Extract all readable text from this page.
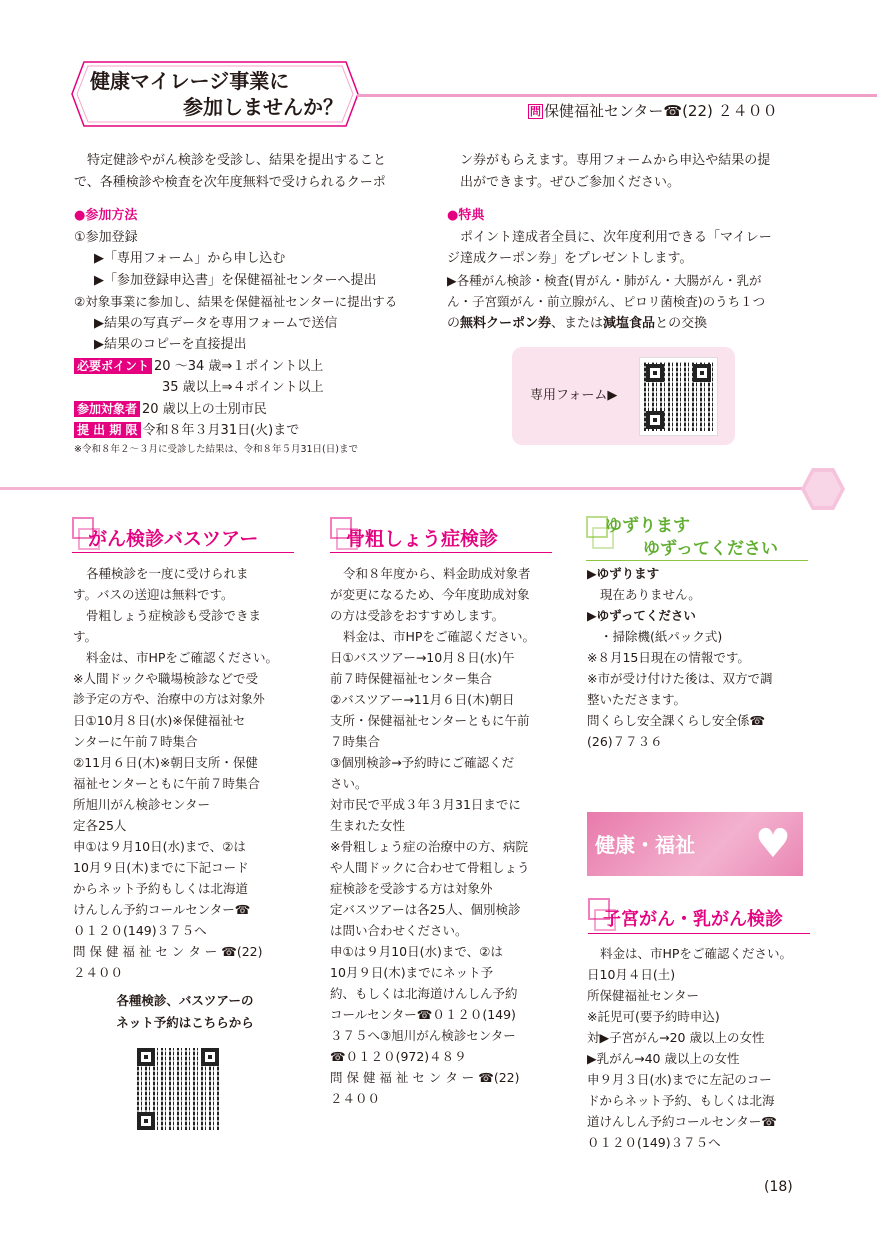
健康マイレージ事業に
参加しませんか？	問 保健福祉センター☎(22) ２４００
特定健診やがん検診を受診し、結果を提出すること
で、各種検診や検査を次年度無料で受けられるクーポ
ン券がもらえます。専用フォームから申込や結果の提
出ができます。ぜひご参加ください。
●参加方法
①参加登録
▶「専用フォーム」から申し込む
▶「参加登録申込書」を保健福祉センターへ提出
②対象事業に参加し、結果を保健福祉センターに提出する
▶結果の写真データを専用フォームで送信
▶結果のコピーを直接提出
必要ポイント 20 〜34 歳⇒１ポイント以上
35 歳以上⇒４ポイント以上
参加対象者 20 歳以上の士別市民
提 出 期 限 令和８年３月31日(火)まで
※令和８年２〜３月に受診した結果は、令和８年５月31日(日)まで
●特典
ポイント達成者全員に、次年度利用できる「マイレー
ジ達成クーポン券」をプレゼントします。
▶各種がん検診・検査(胃がん・肺がん・大腸がん・乳が
ん・子宮頸がん・前立腺がん、ピロリ菌検査)のうち１つ
の無料クーポン券、または減塩食品との交換
専用フォーム▶
がん検診バスツアー
各種検診を一度に受けられま
す。バスの送迎は無料です。
骨粗しょう症検診も受診できま
す。
料金は、市HPをご確認ください。
※人間ドックや職場検診などで受
診予定の方や、治療中の方は対象外
日①10月８日(水)※保健福祉セ
ンターに午前７時集合
②11月６日(木)※朝日支所・保健
福祉センターともに午前７時集合
所旭川がん検診センター
定各25人
申①は９月10日(水)まで、②は
10月９日(木)までに下記コード
からネット予約もしくは北海道
けんしん予約コールセンター☎
０１２０(149)３７５へ
問 保 健 福 祉 セ ン タ ー ☎(22)
２４００
各種検診、バスツアーの
ネット予約はこちらから
骨粗しょう症検診
令和８年度から、料金助成対象者
が変更になるため、今年度助成対象
の方は受診をおすすめします。
料金は、市HPをご確認ください。
日①バスツアー→10月８日(水)午
前７時保健福祉センター集合
②バスツアー→11月６日(木)朝日
支所・保健福祉センターともに午前
７時集合
③個別検診→予約時にご確認くだ
さい。
対市民で平成３年３月31日までに
生まれた女性
※骨粗しょう症の治療中の方、病院
や人間ドックに合わせて骨粗しょう
症検診を受診する方は対象外
定バスツアーは各25人、個別検診
は問い合わせください。
申①は９月10日(水)まで、②は
10月９日(木)までにネット予
約、もしくは北海道けんしん予約
コールセンター☎０１２０(149)
３７５へ③旭川がん検診センター
☎０１２０(972)４８９
問 保 健 福 祉 セ ン タ ー ☎(22)
２４００
ゆずります
ゆずってください
▶ゆずります
現在ありません。
▶ゆずってください
・掃除機(紙パック式)
※８月15日現在の情報です。
※市が受け付けた後は、双方で調
整いたださます。
問くらし安全課くらし安全係☎
(26)７７３６
健康・福祉 ♥
子宮がん・乳がん検診
料金は、市HPをご確認ください。
日10月４日(土)
所保健福祉センター
※託児可(要予約時申込)
対▶子宮がん→20 歳以上の女性
▶乳がん→40 歳以上の女性
申９月３日(水)までに左記のコー
ドからネット予約、もしくは北海
道けんしん予約コールセンター☎
０１２０(149)３７５へ
(18)
